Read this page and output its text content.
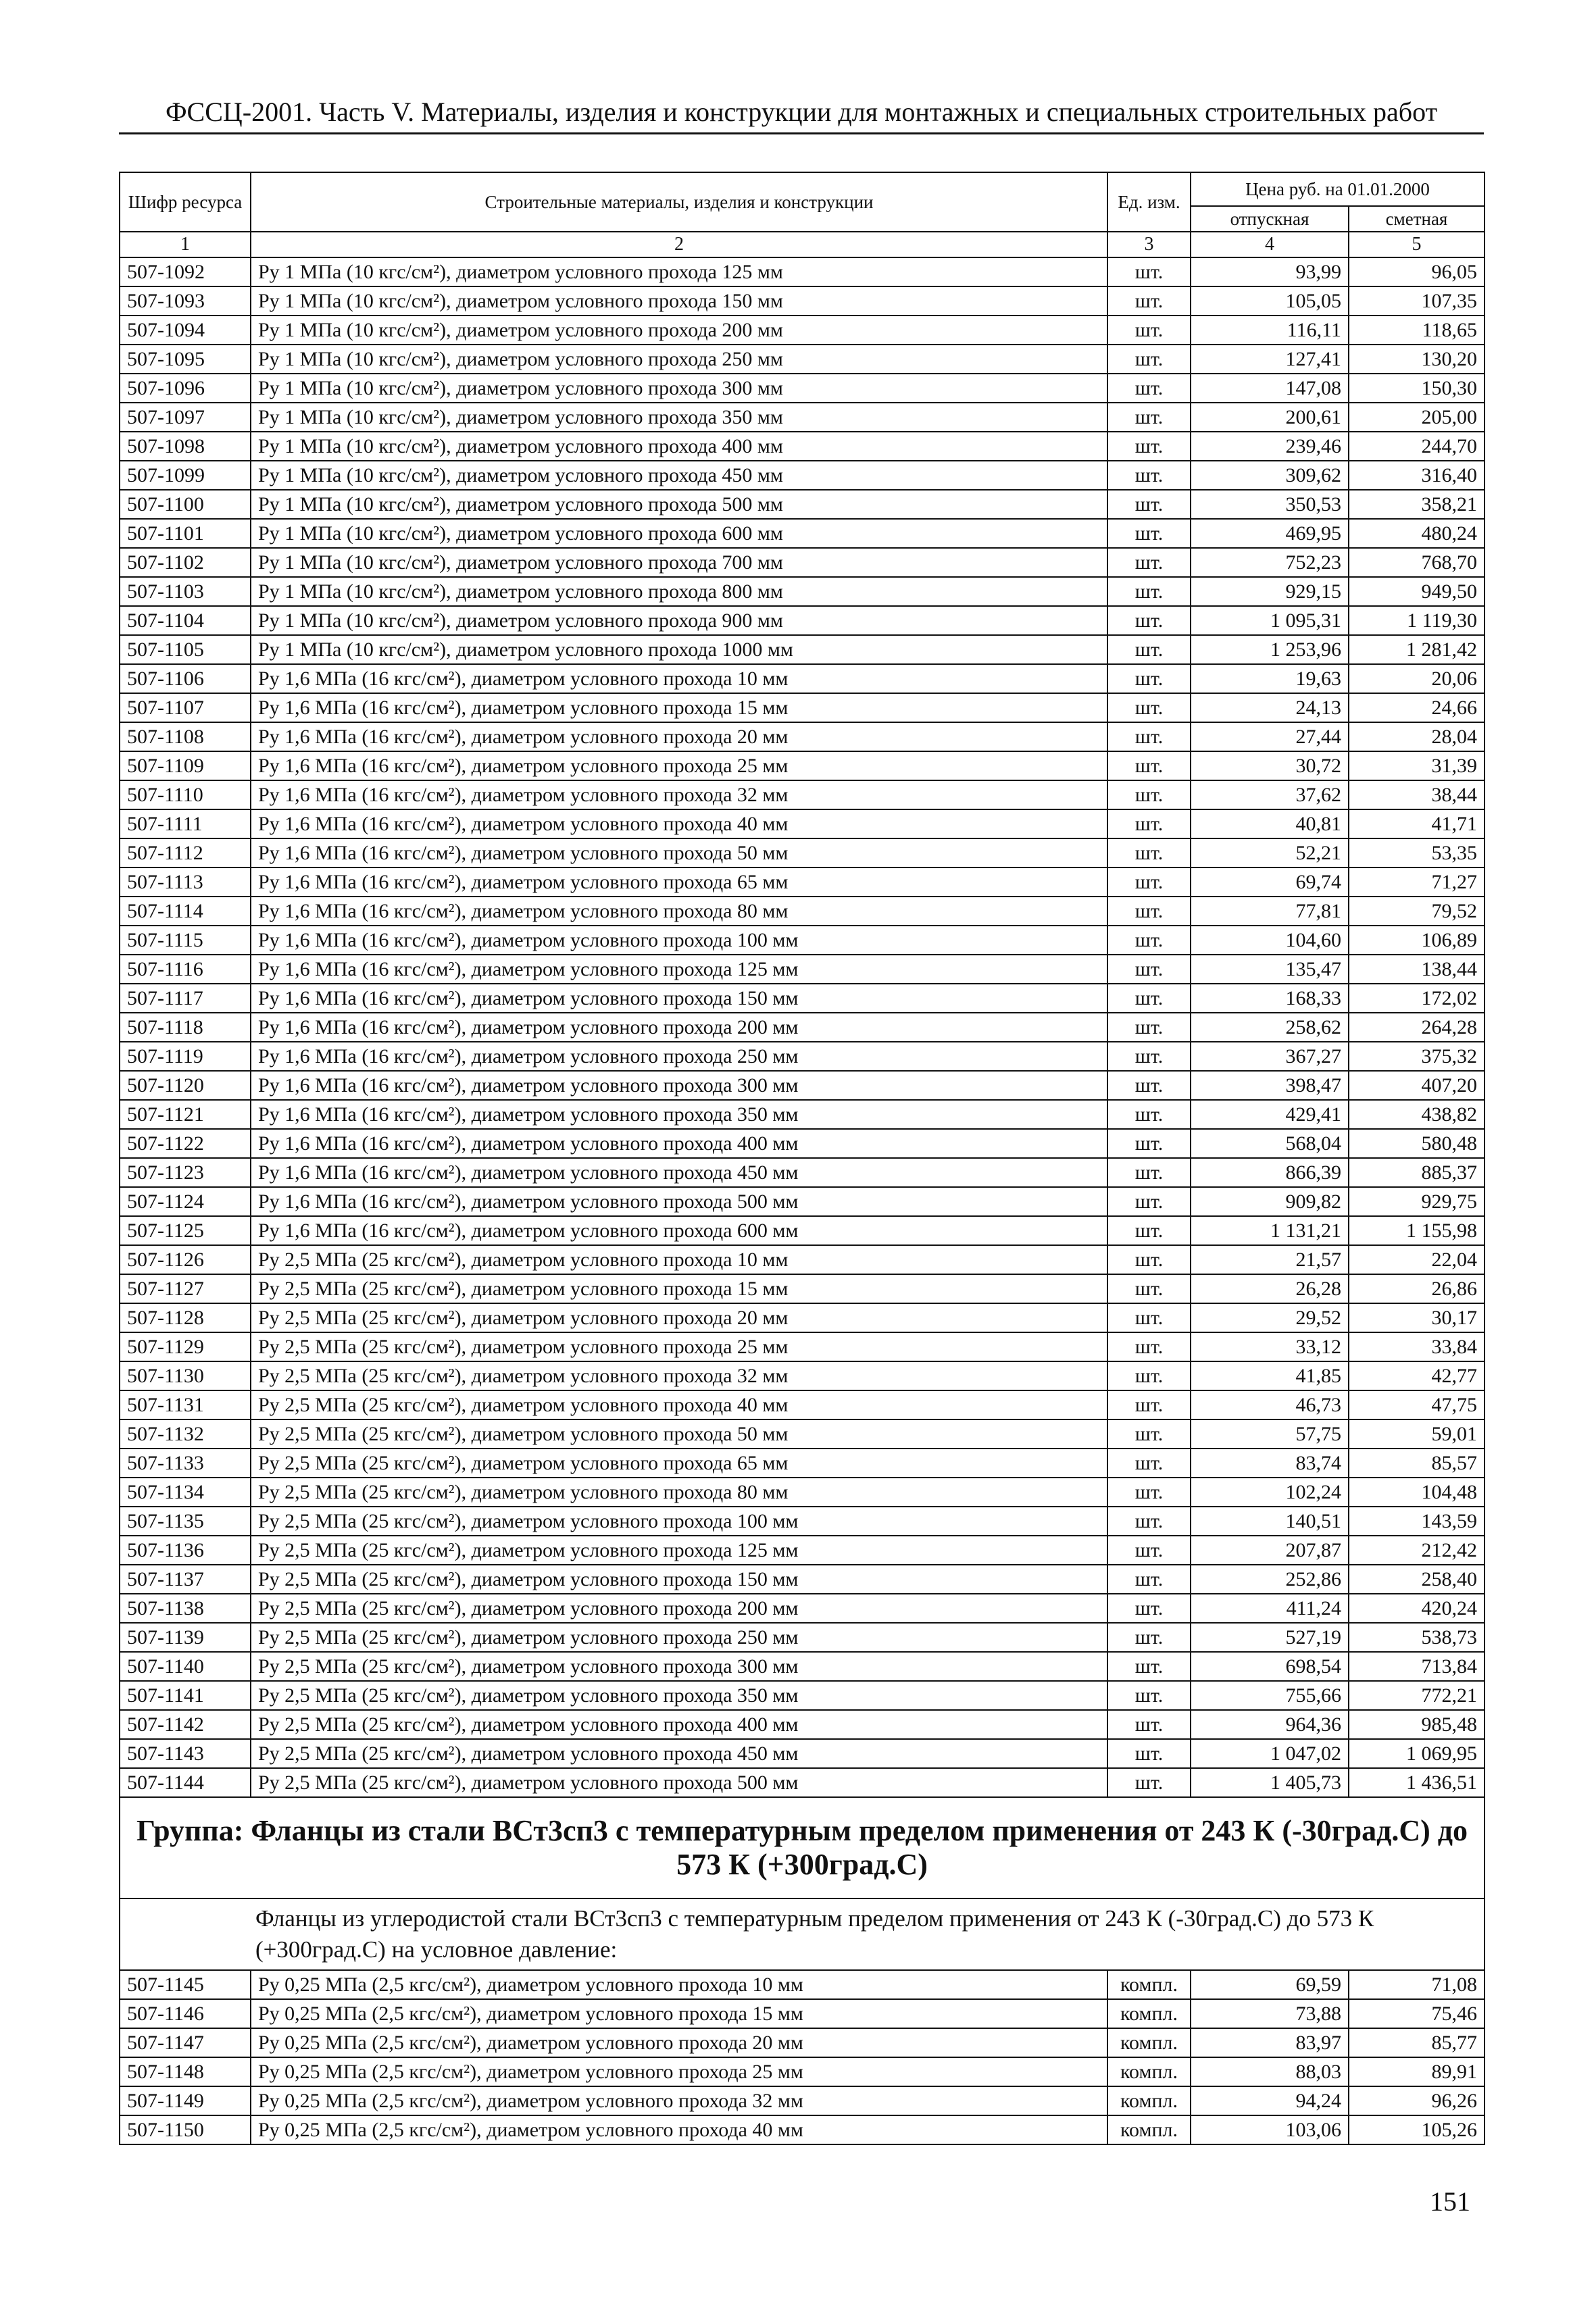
ФССЦ-2001. Часть V. Материалы, изделия и конструкции для монтажных и специальных строительных работ
Шифр ресурса	Строительные материалы, изделия и конструкции	Ед. изм.	Цена руб. на 01.01.2000	
			отпускная	сметная
1	2	3	4	5
507-1092	Ру 1 МПа (10 кгс/см²), диаметром условного прохода 125 мм	шт.	93,99	96,05
507-1093	Ру 1 МПа (10 кгс/см²), диаметром условного прохода 150 мм	шт.	105,05	107,35
507-1094	Ру 1 МПа (10 кгс/см²), диаметром условного прохода 200 мм	шт.	116,11	118,65
507-1095	Ру 1 МПа (10 кгс/см²), диаметром условного прохода 250 мм	шт.	127,41	130,20
507-1096	Ру 1 МПа (10 кгс/см²), диаметром условного прохода 300 мм	шт.	147,08	150,30
507-1097	Ру 1 МПа (10 кгс/см²), диаметром условного прохода 350 мм	шт.	200,61	205,00
507-1098	Ру 1 МПа (10 кгс/см²), диаметром условного прохода 400 мм	шт.	239,46	244,70
507-1099	Ру 1 МПа (10 кгс/см²), диаметром условного прохода 450 мм	шт.	309,62	316,40
507-1100	Ру 1 МПа (10 кгс/см²), диаметром условного прохода 500 мм	шт.	350,53	358,21
507-1101	Ру 1 МПа (10 кгс/см²), диаметром условного прохода 600 мм	шт.	469,95	480,24
507-1102	Ру 1 МПа (10 кгс/см²), диаметром условного прохода 700 мм	шт.	752,23	768,70
507-1103	Ру 1 МПа (10 кгс/см²), диаметром условного прохода 800 мм	шт.	929,15	949,50
507-1104	Ру 1 МПа (10 кгс/см²), диаметром условного прохода 900 мм	шт.	1 095,31	1 119,30
507-1105	Ру 1 МПа (10 кгс/см²), диаметром условного прохода 1000 мм	шт.	1 253,96	1 281,42
507-1106	Ру 1,6 МПа (16 кгс/см²), диаметром условного прохода 10 мм	шт.	19,63	20,06
507-1107	Ру 1,6 МПа (16 кгс/см²), диаметром условного прохода 15 мм	шт.	24,13	24,66
507-1108	Ру 1,6 МПа (16 кгс/см²), диаметром условного прохода 20 мм	шт.	27,44	28,04
507-1109	Ру 1,6 МПа (16 кгс/см²), диаметром условного прохода 25 мм	шт.	30,72	31,39
507-1110	Ру 1,6 МПа (16 кгс/см²), диаметром условного прохода 32 мм	шт.	37,62	38,44
507-1111	Ру 1,6 МПа (16 кгс/см²), диаметром условного прохода 40 мм	шт.	40,81	41,71
507-1112	Ру 1,6 МПа (16 кгс/см²), диаметром условного прохода 50 мм	шт.	52,21	53,35
507-1113	Ру 1,6 МПа (16 кгс/см²), диаметром условного прохода 65 мм	шт.	69,74	71,27
507-1114	Ру 1,6 МПа (16 кгс/см²), диаметром условного прохода 80 мм	шт.	77,81	79,52
507-1115	Ру 1,6 МПа (16 кгс/см²), диаметром условного прохода 100 мм	шт.	104,60	106,89
507-1116	Ру 1,6 МПа (16 кгс/см²), диаметром условного прохода 125 мм	шт.	135,47	138,44
507-1117	Ру 1,6 МПа (16 кгс/см²), диаметром условного прохода 150 мм	шт.	168,33	172,02
507-1118	Ру 1,6 МПа (16 кгс/см²), диаметром условного прохода 200 мм	шт.	258,62	264,28
507-1119	Ру 1,6 МПа (16 кгс/см²), диаметром условного прохода 250 мм	шт.	367,27	375,32
507-1120	Ру 1,6 МПа (16 кгс/см²), диаметром условного прохода 300 мм	шт.	398,47	407,20
507-1121	Ру 1,6 МПа (16 кгс/см²), диаметром условного прохода 350 мм	шт.	429,41	438,82
507-1122	Ру 1,6 МПа (16 кгс/см²), диаметром условного прохода 400 мм	шт.	568,04	580,48
507-1123	Ру 1,6 МПа (16 кгс/см²), диаметром условного прохода 450 мм	шт.	866,39	885,37
507-1124	Ру 1,6 МПа (16 кгс/см²), диаметром условного прохода 500 мм	шт.	909,82	929,75
507-1125	Ру 1,6 МПа (16 кгс/см²), диаметром условного прохода 600 мм	шт.	1 131,21	1 155,98
507-1126	Ру 2,5 МПа (25 кгс/см²), диаметром условного прохода 10 мм	шт.	21,57	22,04
507-1127	Ру 2,5 МПа (25 кгс/см²), диаметром условного прохода 15 мм	шт.	26,28	26,86
507-1128	Ру 2,5 МПа (25 кгс/см²), диаметром условного прохода 20 мм	шт.	29,52	30,17
507-1129	Ру 2,5 МПа (25 кгс/см²), диаметром условного прохода 25 мм	шт.	33,12	33,84
507-1130	Ру 2,5 МПа (25 кгс/см²), диаметром условного прохода 32 мм	шт.	41,85	42,77
507-1131	Ру 2,5 МПа (25 кгс/см²), диаметром условного прохода 40 мм	шт.	46,73	47,75
507-1132	Ру 2,5 МПа (25 кгс/см²), диаметром условного прохода 50 мм	шт.	57,75	59,01
507-1133	Ру 2,5 МПа (25 кгс/см²), диаметром условного прохода 65 мм	шт.	83,74	85,57
507-1134	Ру 2,5 МПа (25 кгс/см²), диаметром условного прохода 80 мм	шт.	102,24	104,48
507-1135	Ру 2,5 МПа (25 кгс/см²), диаметром условного прохода 100 мм	шт.	140,51	143,59
507-1136	Ру 2,5 МПа (25 кгс/см²), диаметром условного прохода 125 мм	шт.	207,87	212,42
507-1137	Ру 2,5 МПа (25 кгс/см²), диаметром условного прохода 150 мм	шт.	252,86	258,40
507-1138	Ру 2,5 МПа (25 кгс/см²), диаметром условного прохода 200 мм	шт.	411,24	420,24
507-1139	Ру 2,5 МПа (25 кгс/см²), диаметром условного прохода 250 мм	шт.	527,19	538,73
507-1140	Ру 2,5 МПа (25 кгс/см²), диаметром условного прохода 300 мм	шт.	698,54	713,84
507-1141	Ру 2,5 МПа (25 кгс/см²), диаметром условного прохода 350 мм	шт.	755,66	772,21
507-1142	Ру 2,5 МПа (25 кгс/см²), диаметром условного прохода 400 мм	шт.	964,36	985,48
507-1143	Ру 2,5 МПа (25 кгс/см²), диаметром условного прохода 450 мм	шт.	1 047,02	1 069,95
507-1144	Ру 2,5 МПа (25 кгс/см²), диаметром условного прохода 500 мм	шт.	1 405,73	1 436,51
Группа: Фланцы из стали ВСт3сп3 с температурным пределом применения от 243 К (-30град.С) до 573 К (+300град.С)				
Фланцы из углеродистой стали ВСт3сп3 с температурным пределом применения от 243 К (-30град.С) до 573 К (+300град.С) на условное давление:				
507-1145	Ру 0,25 МПа (2,5 кгс/см²), диаметром условного прохода 10 мм	компл.	69,59	71,08
507-1146	Ру 0,25 МПа (2,5 кгс/см²), диаметром условного прохода 15 мм	компл.	73,88	75,46
507-1147	Ру 0,25 МПа (2,5 кгс/см²), диаметром условного прохода 20 мм	компл.	83,97	85,77
507-1148	Ру 0,25 МПа (2,5 кгс/см²), диаметром условного прохода 25 мм	компл.	88,03	89,91
507-1149	Ру 0,25 МПа (2,5 кгс/см²), диаметром условного прохода 32 мм	компл.	94,24	96,26
507-1150	Ру 0,25 МПа (2,5 кгс/см²), диаметром условного прохода 40 мм	компл.	103,06	105,26
151
